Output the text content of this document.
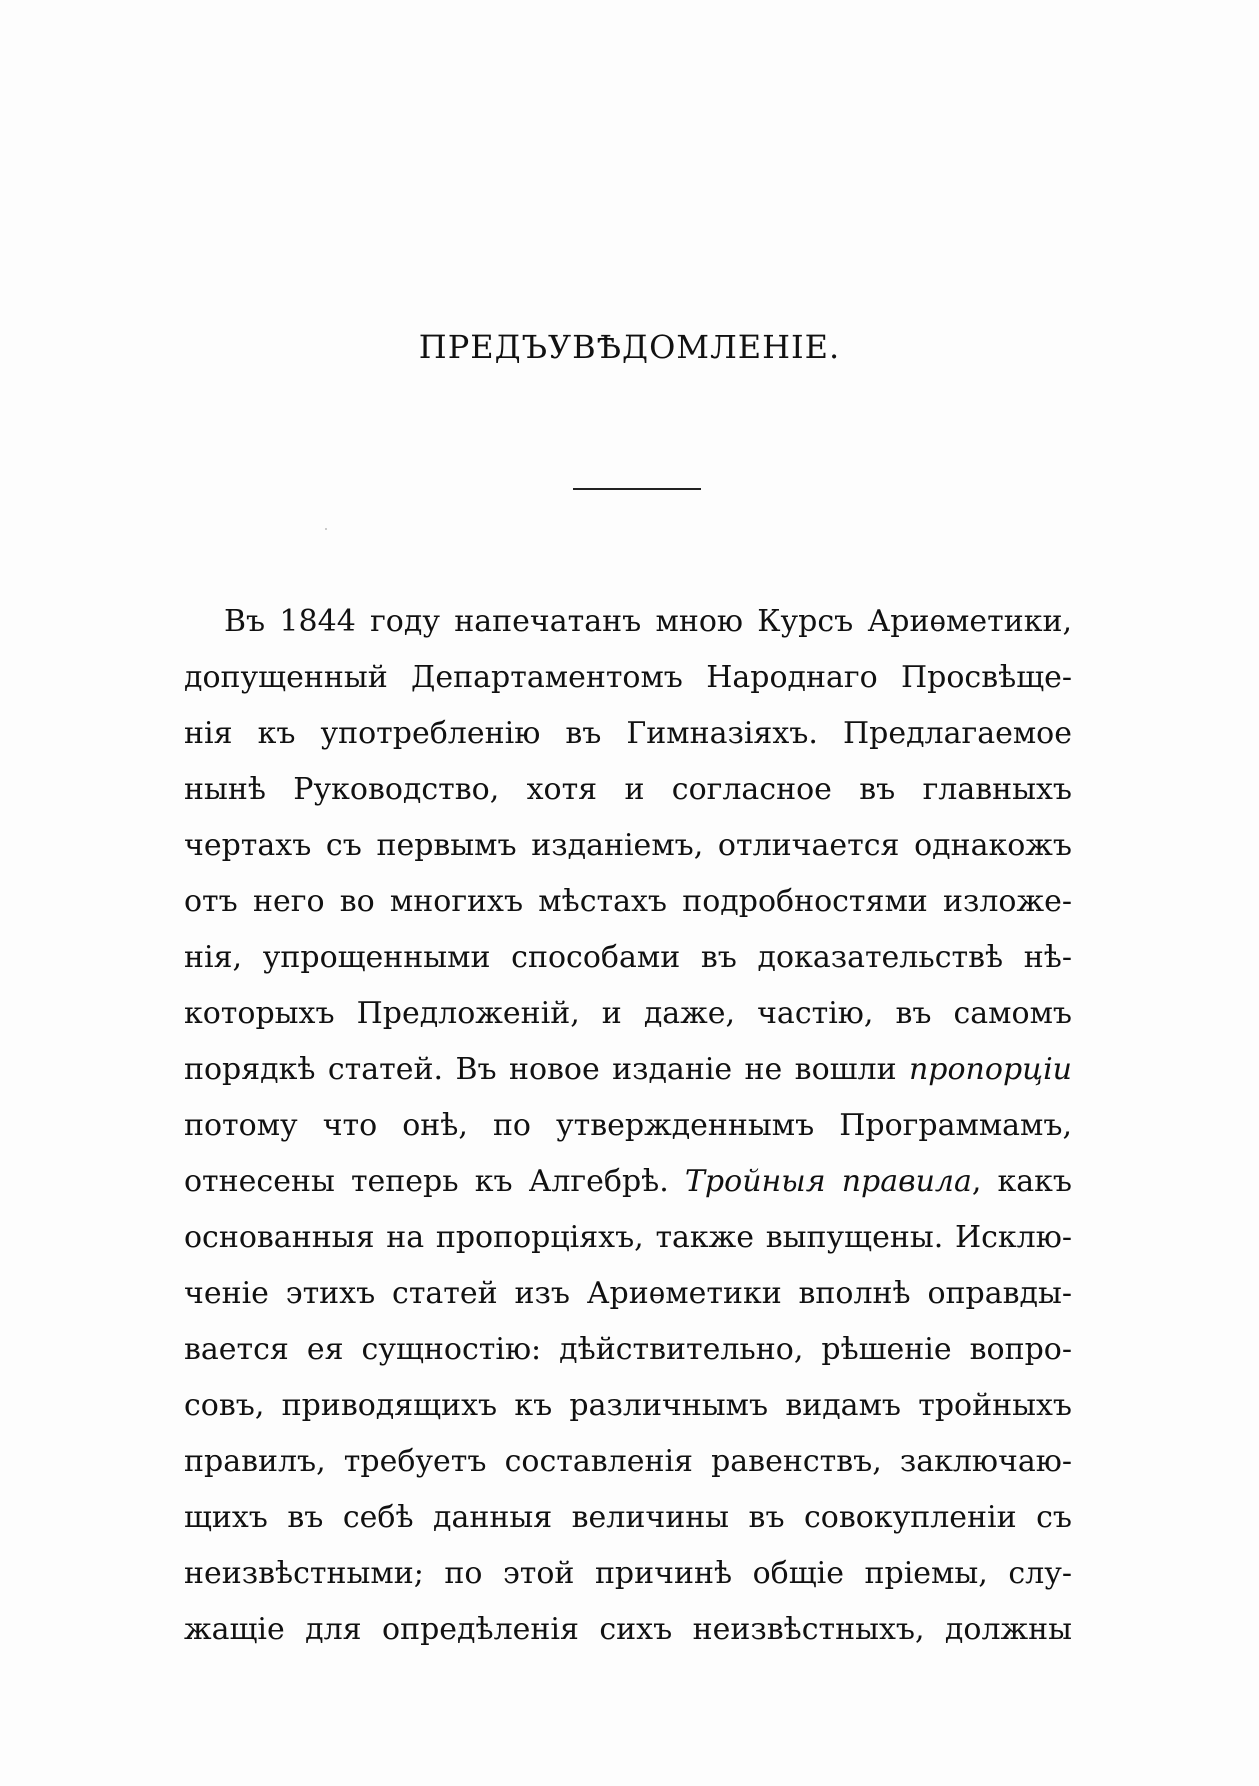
ПРЕДЪУВѢДОМЛЕНІЕ.
Въ 1844 году напечатанъ мною Курсъ Ариѳметики,
допущенный Департаментомъ Народнаго Просвѣще-
нія къ употребленію въ Гимназіяхъ. Предлагаемое
нынѣ Руководство, хотя и согласное въ главныхъ
чертахъ съ первымъ изданіемъ, отличается однакожъ
отъ него во многихъ мѣстахъ подробностями изложе-
нія, упрощенными способами въ доказательствѣ нѣ-
которыхъ Предложеній, и даже, частію, въ самомъ
порядкѣ статей. Въ новое изданіе не вошли пропорціи
потому что онѣ, по утвержденнымъ Программамъ,
отнесены теперь къ Алгебрѣ. Тройныя правила, какъ
основанныя на пропорціяхъ, также выпущены. Исклю-
ченіе этихъ статей изъ Ариѳметики вполнѣ оправды-
вается ея сущностію: дѣйствительно, рѣшеніе вопро-
совъ, приводящихъ къ различнымъ видамъ тройныхъ
правилъ, требуетъ составленія равенствъ, заключаю-
щихъ въ себѣ данныя величины въ совокупленіи съ
неизвѣстными; по этой причинѣ общіе пріемы, слу-
жащіе для опредѣленія сихъ неизвѣстныхъ, должны
